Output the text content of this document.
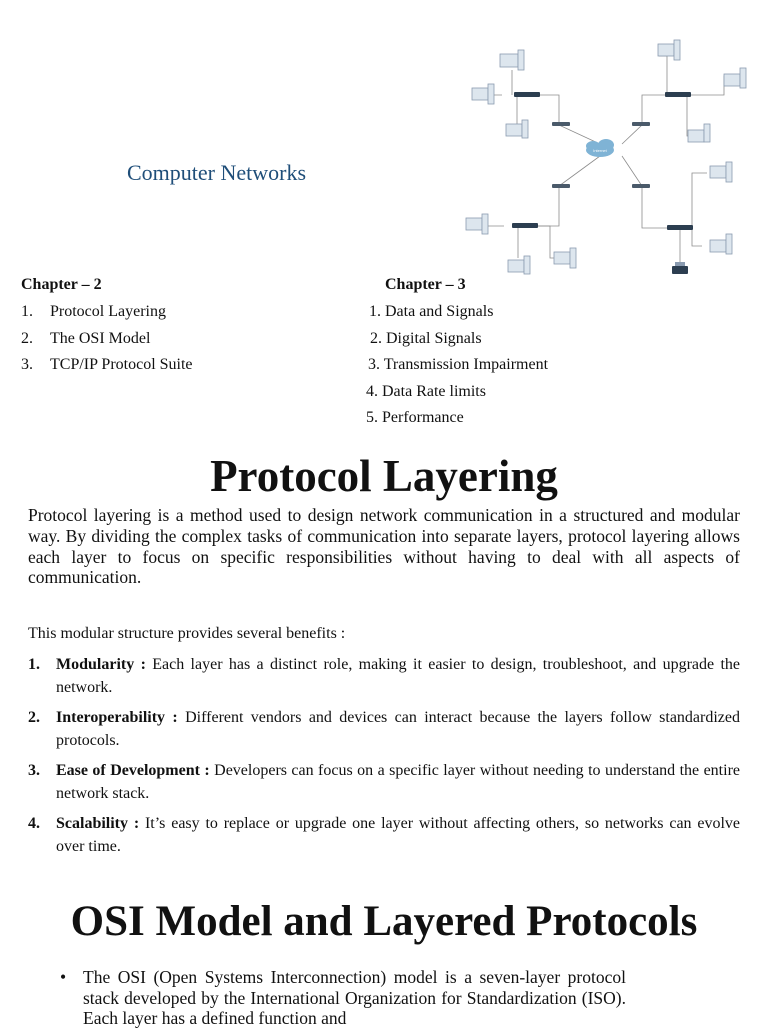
Computer Networks
Internet
Chapter – 2
1. Protocol Layering
2. The OSI Model
3. TCP/IP Protocol Suite
Chapter – 3
1. Data and Signals
2. Digital Signals
3. Transmission Impairment
4. Data Rate limits
5. Performance
Protocol Layering

Protocol layering is a method used to design network communication in a structured and modular way. By dividing the complex tasks of communication into separate layers, protocol layering allows each layer to focus on specific responsibilities without having to deal with all aspects of communication.

This modular structure provides several benefits :

1. Modularity : Each layer has a distinct role, making it easier to design, troubleshoot, and upgrade the network.
2. Interoperability : Different vendors and devices can interact because the layers follow standardized protocols.
3. Ease of Development : Developers can focus on a specific layer without needing to understand the entire network stack.
4. Scalability : It’s easy to replace or upgrade one layer without affecting others, so networks can evolve over time.
OSI Model and Layered Protocols
• The OSI (Open Systems Interconnection) model is a seven-layer protocol stack developed by the International Organization for Standardization (ISO). Each layer has a defined function and
